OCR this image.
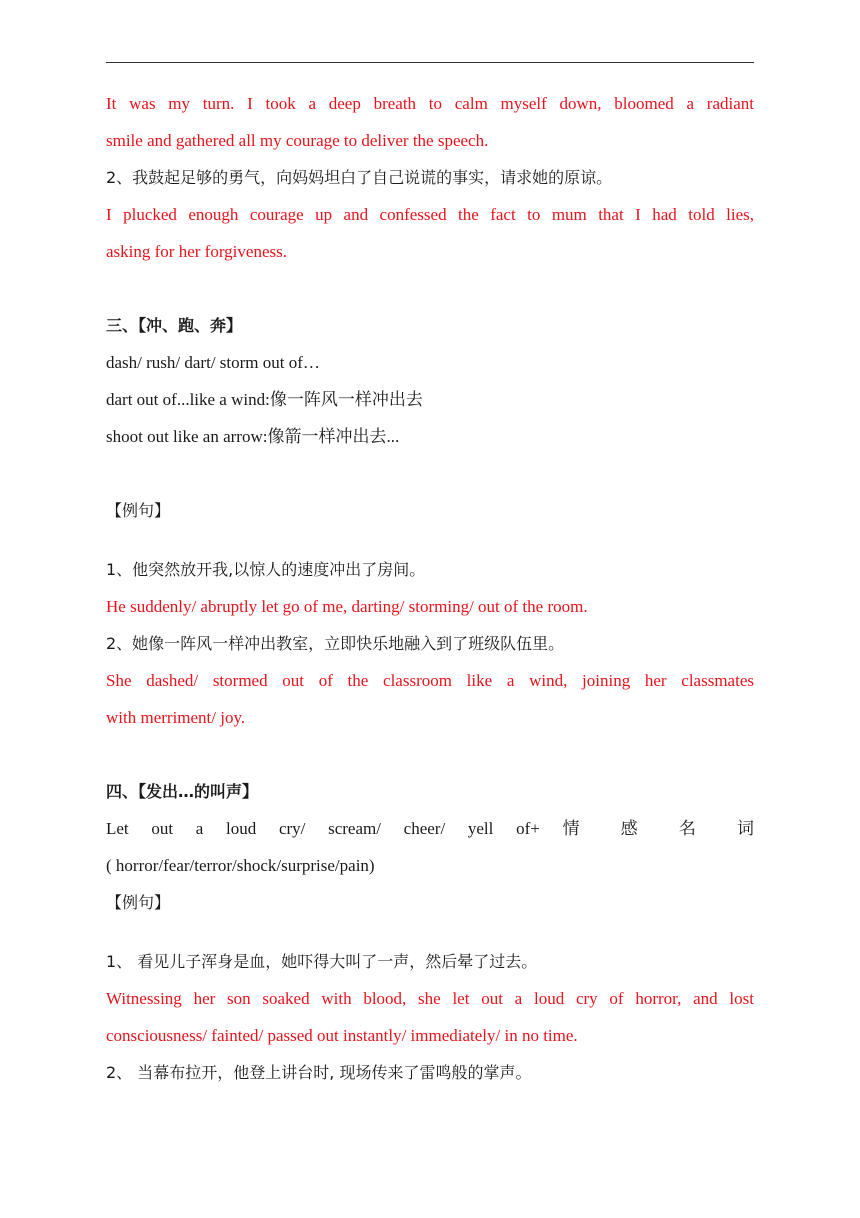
It was my turn. I took a deep breath to calm myself down, bloomed a radiant
smile and gathered all my courage to deliver the speech.
2、我鼓起足够的勇气，向妈妈坦白了自己说谎的事实，请求她的原谅。
I plucked enough courage up and confessed the fact to mum that I had told lies,
asking for her forgiveness.
三、【冲、跑、奔】
dash/ rush/ dart/ storm out of…
dart out of...like a wind:像一阵风一样冲出去
shoot out like an arrow:像箭一样冲出去...
【例句】
1、他突然放开我,以惊人的速度冲出了房间。
He suddenly/ abruptly let go of me, darting/ storming/ out of the room.
2、她像一阵风一样冲出教室，立即快乐地融入到了班级队伍里。
She dashed/ stormed out of the classroom like a wind, joining her classmates
with merriment/ joy.
四、【发出…的叫声】
Let out a loud cry/ scream/ cheer/ yell of+ 情 感 名 词
( horror/fear/terror/shock/surprise/pain)
【例句】
1、 看见儿子浑身是血，她吓得大叫了一声，然后晕了过去。
Witnessing her son soaked with blood, she let out a loud cry of horror, and lost
consciousness/ fainted/ passed out instantly/ immediately/ in no time.
2、 当幕布拉开，他登上讲台时, 现场传来了雷鸣般的掌声。
